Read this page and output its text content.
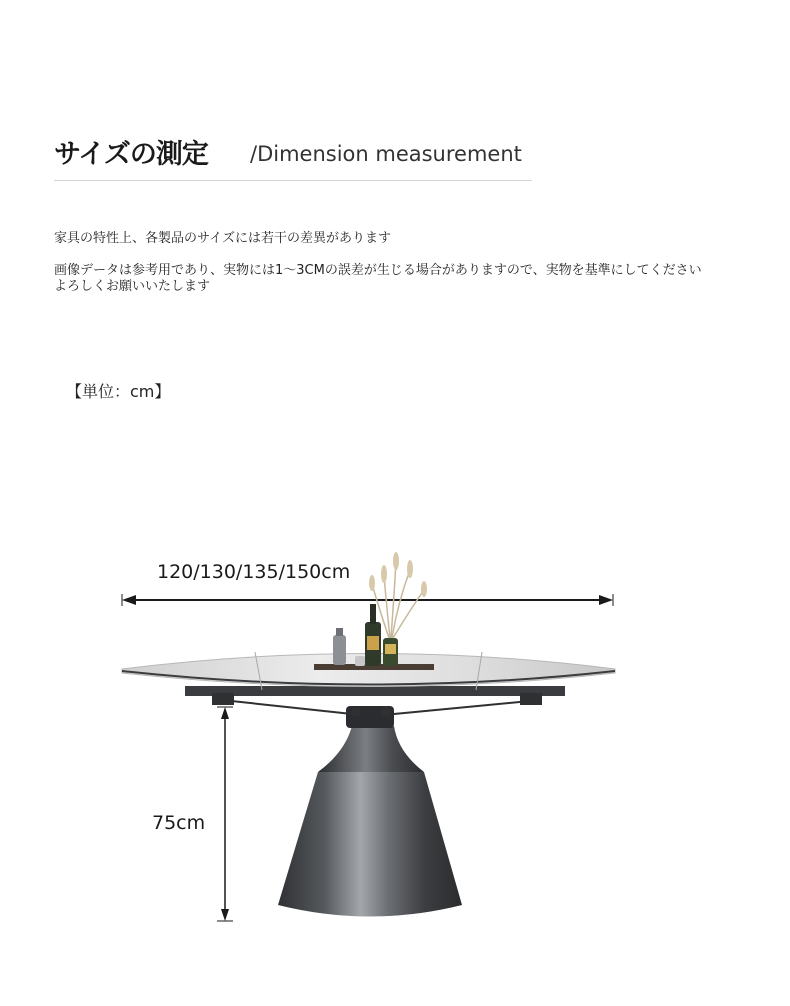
サイズの測定 /Dimension measurement
家具の特性上、各製品のサイズには若干の差異があります
画像データは参考用であり、実物には1～3CMの誤差が生じる場合がありますので、実物を基準にしてください
よろしくお願いいたします
【単位：cm】
120/130/135/150cm
75cm
